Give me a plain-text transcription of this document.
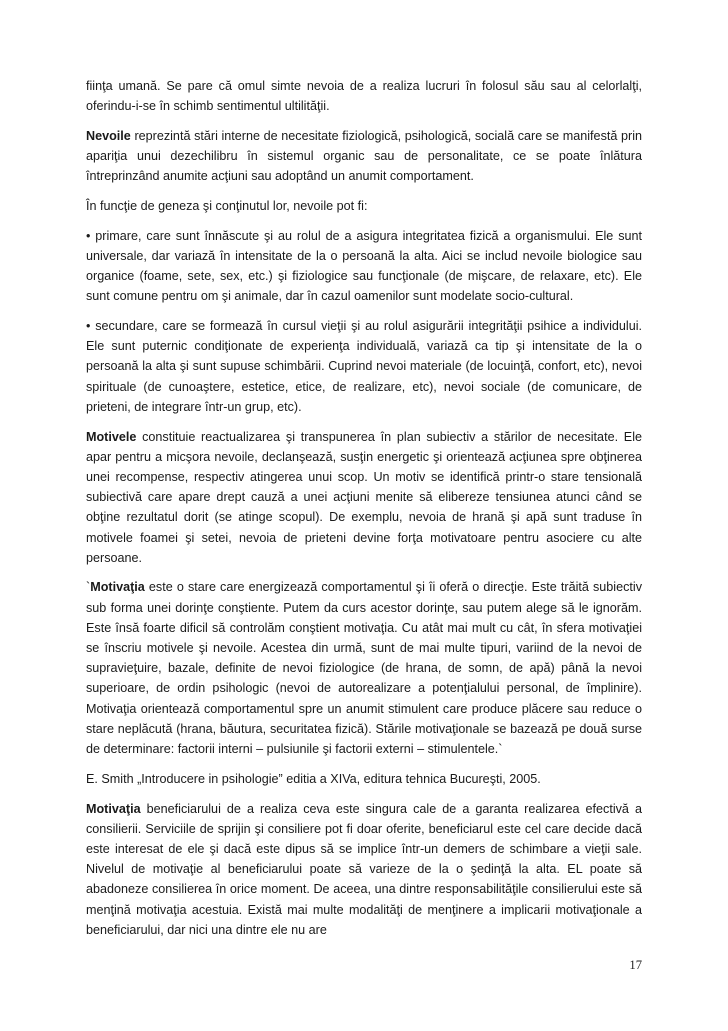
fiinţa umană. Se pare că omul simte nevoia de a realiza lucruri în folosul său sau al celorlalţi, oferindu-i-se în schimb sentimentul ultilităţii.

Nevoile reprezintă stări interne de necesitate fiziologică, psihologică, socială care se manifestă prin apariţia unui dezechilibru în sistemul organic sau de personalitate, ce se poate înlătura întreprinzând anumite acţiuni sau adoptând un anumit comportament.

În funcţie de geneza şi conţinutul lor, nevoile pot fi:

• primare, care sunt înnăscute şi au rolul de a asigura integritatea fizică a organismului. Ele sunt universale, dar variază în intensitate de la o persoană la alta. Aici se includ nevoile biologice sau organice (foame, sete, sex, etc.) şi fiziologice sau funcţionale (de mişcare, de relaxare, etc). Ele sunt comune pentru om şi animale, dar în cazul oamenilor sunt modelate socio-cultural.

• secundare, care se formează în cursul vieţii şi au rolul asigurării integrităţii psihice a individului. Ele sunt puternic condiţionate de experienţa individuală, variază ca tip şi intensitate de la o persoană la alta şi sunt supuse schimbării. Cuprind nevoi materiale (de locuinţă, confort, etc), nevoi spirituale (de cunoaştere, estetice, etice, de realizare, etc), nevoi sociale (de comunicare, de prieteni, de integrare într-un grup, etc).

Motivele constituie reactualizarea şi transpunerea în plan subiectiv a stărilor de necesitate. Ele apar pentru a micşora nevoile, declanşează, susţin energetic şi orientează acţiunea spre obţinerea unei recompense, respectiv atingerea unui scop. Un motiv se identifică printr-o stare tensională subiectivă care apare drept cauză a unei acţiuni menite să elibereze tensiunea atunci când se obţine rezultatul dorit (se atinge scopul). De exemplu, nevoia de hrană şi apă sunt traduse în motivele foamei şi setei, nevoia de prieteni devine forţa motivatoare pentru asociere cu alte persoane.

`Motivaţia este o stare care energizează comportamentul şi îi oferă o direcţie. Este trăită subiectiv sub forma unei dorinţe conştiente. Putem da curs acestor dorinţe, sau putem alege să le ignorăm. Este însă foarte dificil să controlăm conştient motivaţia. Cu atât mai mult cu cât, în sfera motivaţiei se înscriu motivele şi nevoile. Acestea din urmă, sunt de mai multe tipuri, variind de la nevoi de supravieţuire, bazale, definite de nevoi fiziologice (de hrana, de somn, de apă) până la nevoi superioare, de ordin psihologic (nevoi de autorealizare a potenţialului personal, de împlinire). Motivaţia orientează comportamentul spre un anumit stimulent care produce plăcere sau reduce o stare neplăcută (hrana, băutura, securitatea fizică). Stările motivaţionale se bazează pe două surse de determinare: factorii interni – pulsiunile şi factorii externi – stimulentele.`

E. Smith „Introducere in psihologie” editia a XIVa, editura tehnica Bucureşti, 2005.

Motivaţia beneficiarului de a realiza ceva este singura cale de a garanta realizarea efectivă a consilierii. Serviciile de sprijin şi consiliere pot fi doar oferite, beneficiarul este cel care decide dacă este interesat de ele şi dacă este dipus să se implice într-un demers de schimbare a vieţii sale. Nivelul de motivaţie al beneficiarului poate să varieze de la o şedinţă la alta. EL poate să abadoneze consilierea în orice moment. De aceea, una dintre responsabilităţile consilierului este să menţină motivaţia acestuia. Există mai multe modalităţi de menţinere a implicarii motivaţionale a beneficiarului, dar nici una dintre ele nu are

17
